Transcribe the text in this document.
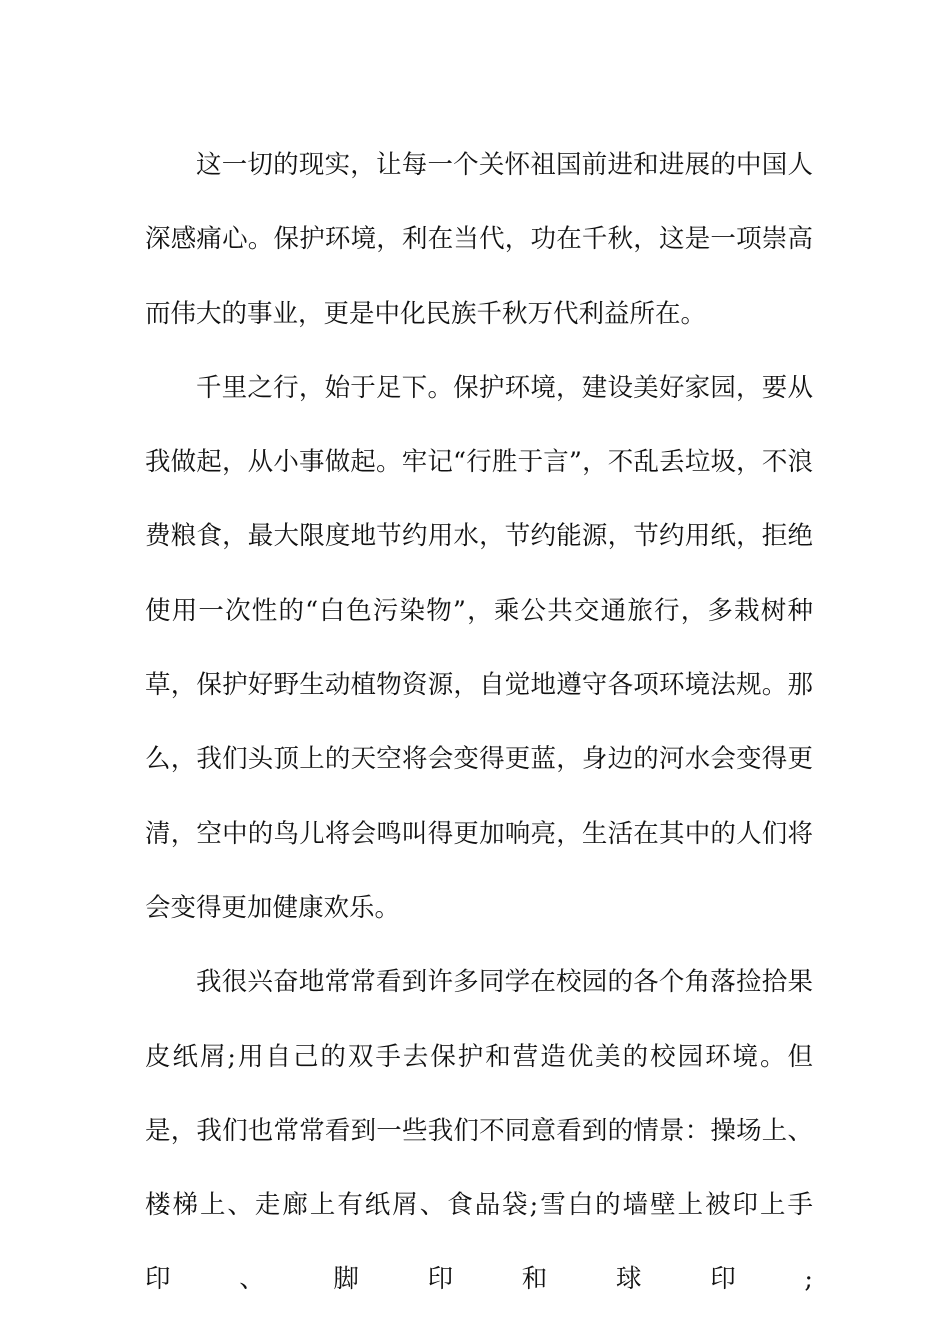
这一切的现实，让每一个关怀祖国前进和进展的中国人深感痛心。保护环境，利在当代，功在千秋，这是一项崇高而伟大的事业，更是中化民族千秋万代利益所在。

千里之行，始于足下。保护环境，建设美好家园，要从我做起，从小事做起。牢记“行胜于言”，不乱丢垃圾，不浪费粮食，最大限度地节约用水，节约能源，节约用纸，拒绝使用一次性的“白色污染物”，乘公共交通旅行，多栽树种草，保护好野生动植物资源，自觉地遵守各项环境法规。那么，我们头顶上的天空将会变得更蓝，身边的河水会变得更清，空中的鸟儿将会鸣叫得更加响亮，生活在其中的人们将会变得更加健康欢乐。

我很兴奋地常常看到许多同学在校园的各个角落捡拾果皮纸屑;用自己的双手去保护和营造优美的校园环境。但是，我们也常常看到一些我们不同意看到的情景：操场上、楼梯上、走廊上有纸屑、食品袋;雪白的墙壁上被印上手印、脚印和球印;
